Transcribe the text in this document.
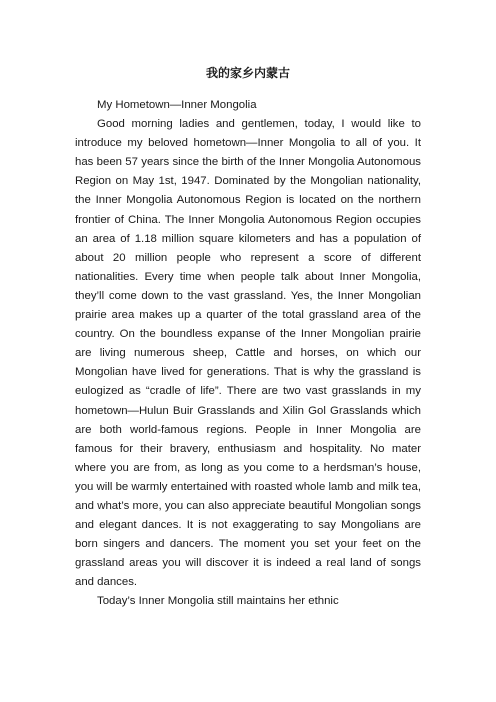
我的家乡内蒙古

My Hometown—Inner Mongolia

Good morning ladies and gentlemen, today, I would like to introduce my beloved hometown—Inner Mongolia to all of you. It has been 57 years since the birth of the Inner Mongolia Autonomous Region on May 1st, 1947. Dominated by the Mongolian nationality, the Inner Mongolia Autonomous Region is located on the northern frontier of China. The Inner Mongolia Autonomous Region occupies an area of 1.18 million square kilometers and has a population of about 20 million people who represent a score of different nationalities. Every time when people talk about Inner Mongolia, they’ll come down to the vast grassland. Yes, the Inner Mongolian prairie area makes up a quarter of the total grassland area of the country. On the boundless expanse of the Inner Mongolian prairie are living numerous sheep, Cattle and horses, on which our Mongolian have lived for generations. That is why the grassland is eulogized as “cradle of life”. There are two vast grasslands in my hometown—Hulun Buir Grasslands and Xilin Gol Grasslands which are both world-famous regions. People in Inner Mongolia are famous for their bravery, enthusiasm and hospitality. No mater where you are from, as long as you come to a herdsman’s house, you will be warmly entertained with roasted whole lamb and milk tea, and what’s more, you can also appreciate beautiful Mongolian songs and elegant dances. It is not exaggerating to say Mongolians are born singers and dancers. The moment you set your feet on the grassland areas you will discover it is indeed a real land of songs and dances.

Today’s Inner Mongolia still maintains her ethnic
